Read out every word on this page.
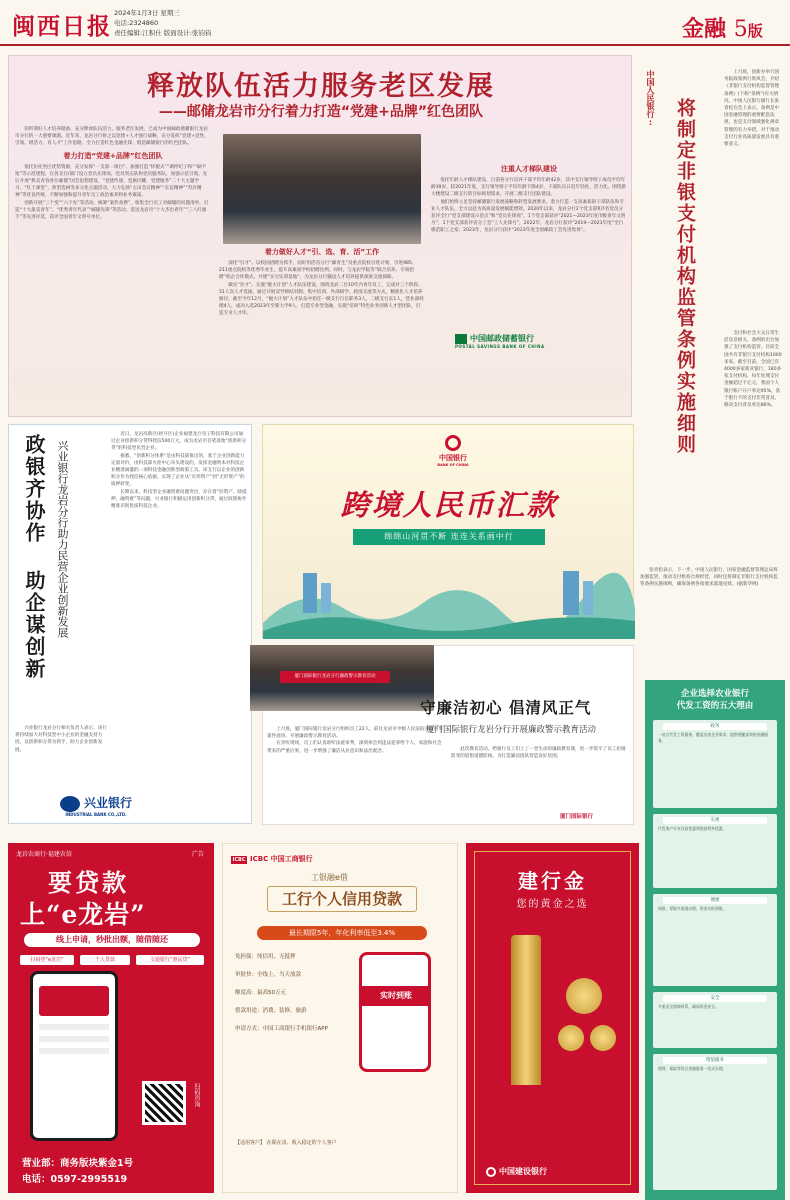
闽西日报 2024年1月3日 星期三
电话:2324860
责任编辑:江积仕 版面设计:张钧钧	金融 5版
释放队伍活力服务老区发展
——邮储龙岩市分行着力打造“党建+品牌”红色团队

知所谓好人才培养储备，充分释放队伍活力，服务老区发展，已成为中国邮政储蓄银行龙岩市分行的一大重要课题。近年来，龙岩分行将之以党建+人才强行战略，充分发挥“党建+党性、引领、增活力、育人才”工作思路，全力打造红色金融先锋，锻造邮储银行的红色团队。

着力打造“党建+品牌”红色团队

依托仿托坐区优势资源，充分发挥“一支部一项目”、加强打造“样板式”“调停纪子和”“刷不短”等示范建程，在各支行/部门设立党员先锋岗、党员突击队和党员服务队，加强示范引领。先后开展“典美青春各位邮储”国会思想建设、“党建传递、党旗闪耀、党建服务”二十大主题学习、“红土课堂”、典型选树等多元化主题活动，大力弘扬“古田会议精神”“长征精神”“苏区精神”等优良传统，不断加强和提升青年员工政治素养和业务素质。

创新开展“三个变”“六个先”等活动，统筹“案件查摆”，收集全行员工对邮储的问题清单，打造“十大最美青年”、“优秀青年代表”“邮储先锋”等活动。选送龙岩市“十大杰出青年”“三八红旗手”等先进评选，获评全国青年文明号单位。

着力做好人才“引、选、育、活”工作

深化“引才”。以校园招聘为抓手，面好用活省分行“邮青生”及重点院校引进计划，引进985、211重点院校等优秀毕业生。提升高素质学校招聘比例。同时，与龙岩学院等“联合培养、专项招聘”校企合作模式，共建“实习实训基地”，为龙岩分行输送人才培养提供深度交流保障。

做实“育才”。实施“鲲大计划”人才队伍建设，围绕龙岩二台10年内青年员工，完成对三个阶段，51人次人才选拔，通过开展双导师结对制、集中培训、外部研学、轮岗交流等方式，精准化人才培养路径。截至今年12月，“鲲大计划”人才队伍中担任一级支行行长职务3人，二级支行长1人，营业部经理4人，成功入选2023年至新大学9人，打造专业型金融、实施“培训”特色业务创新人才型团队，打造专业人才库。

注重人才梯队建设

依托年龄人才梯队建设，目前各分行培养干部平均年龄42岁，其中支行领导班子成员平均年龄39岁，较2021年底，支行领导班子平均年龄下降4岁，干部队伍日趋年轻化、活力化。围绕新大楼建设二级支行的目标规划需求，开展二级支行团队建设。

他们始终立足坚持邮储银行发展战略和转型发展要求，着力打造一支高素质的干部队伍和专业人才队伍，全力以赴为高质量发展赋能增效。2020年以来，龙岩分行2个党支部和7名党员分获评全行“党支部建设示范点”和“党员先锋岗”，1个党支部获评“2021—2023年度市级青年文明号”，1个党支部获评省分工会“工人先锋号”，2022年，龙岩分行获评“2019—2021年度”全行模范职工之家；2023年，龙岩分行获评“2023年度全国邮政工会先进集体”。

中国邮政储蓄银行
POSTAL SAVINGS BANK OF CHINA

上月底，国新办举行国务院政策例行吹风会，介绍《非银行支付机构监督管理条例》(下称“条例”)有关情况。中国人民银行副行长张青松在会上表示，条例是中国金融管理的重要配套法规，也是支付领域强化规章管理的有力举措，对于推动支付行业高质量发展具有重要意义。

支付和社会大众日常生活息息相关，条例的出台加强了支付机构监管。目前全国共有非银行支付机构1000多家。截至目前，全国已有4000多家商业银行，180多家支付机构，每年处理支付金额超过千亿元。我国个人银行账户开户率达95%，基于银行卡的支付非常普及，移动支付普及率达86%。

张青松表示，下一步，中国人民银行、国家金融监督管理总局将加强监管，推动支付机构合规经营，同时还将制定非银行支付机构监管条例实施细则，确保条例各项要求落地见效。(据新华网)

中国人民银行: 将制定非银支付机构监管条例实施细则

近日，龙岩高新区(经开区)企业福建龙巨电子科技有限公司通过企业创新积分贷得授信500万元，成为龙岩市首笔落地“创新积分贷”的科技型民营企业。

据悉，“创新积分体系”是由科技部推出的，基于企业创新能力定量评价，由科技部火炬中心牵头建设的，发挥金融资本对科技企业精准滴灌的一项科技金融创新型政策工具。该支行以企业的创新积分作为授信核心依据，实现了企业从“有形资产”到“无形资产”的质押转变。

长期以来，科技型企业融资难问题突出，存在着“轻资产、缺抵押、融资难”等问题，兴业银行积极运用创新积分贷，通过政银协作精准识别优质科技企业。

兴业银行龙岩分行相关负责人表示，该行将持续加大对科技型中小企业的金融支持力度，以创新积分贷为抓手，助力企业创新发展。

政银齐协作 助企谋创新 兴业银行龙岩分行助力民营企业创新发展
兴业银行
INDUSTRIAL BANK CO.,LTD.
中国银行
BANK OF CHINA
跨境人民币汇款
绵绵山河贯不断 连连关系画中行

上月底，厦门国际银行龙岩分行组织员工22人，前往龙岩市中级人民法院旁听刑事案件庭审，开展廉政警示教育活动。

在旁听现场，员工们认真聆听法庭审判，深刻体会到违法犯罪给个人、家庭和社会带来的严重后果，进一步增强了廉洁从业意识和法治观念。	此次教育活动，给银行员工们上了一堂生动的廉政教育课，进一步筑牢了员工拒腐防变的思想道德防线，为打造廉洁团队营造良好氛围。

厦门国际银行龙岩分行廉政警示教育活动
守廉洁初心 倡清风正气
厦门国际银行龙岩分行开展廉政警示教育活动
厦门国际银行
企业选择农业银行
代发工资的五大理由
政务
一站式代发工资服务，覆盖各类企业需求，提供便捷高效的金融服务。
实惠
代发客户专享存款优惠和贷款利率优惠。
便捷
网银、掌银多渠道办理，资金实时到账。
安全
多重安全保障体系，确保资金安全。
增值服务
理财、保险等综合金融服务一站式办理。
龙岩农商行·福建农信	广告
要贷款
上“e龙岩”
线上申请，秒批出额，随借随还
扫码登“e龙岩”	个人贷款	文通银行“惠民贷”
扫码咨询
营业部：商务版块紫金1号
电话：0597-2995519
ICBC ICBC 中国工商银行
工银融e借
工行个人信用贷款
最长期限5年，年化利率低至3.4%
免担保：纯信用、无抵押
审批快：全线上，当天放款
额度高：最高50万元
借款用途：消费、装修、旅游
申请方式：中国工商银行手机银行APP
实时到账
【适用客户】 在职在岗、收入稳定的个人客户
建行金
您的黄金之选
中国建设银行
